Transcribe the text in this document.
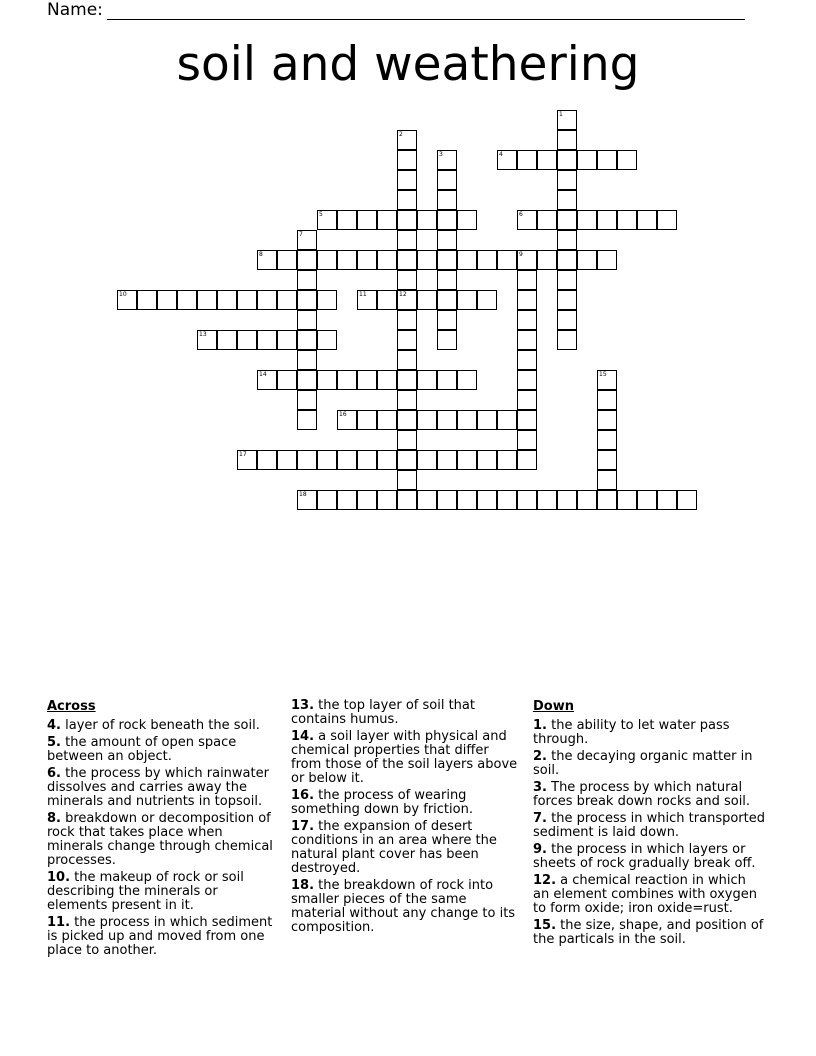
Name:
soil and weathering
1
2
12
3	4
5	6
7
8	9
10	11
13
14	15
16
17
18
Across
4. layer of rock beneath the soil.
5. the amount of open space between an object.
6. the process by which rainwater dissolves and carries away the minerals and nutrients in topsoil.
8. breakdown or decomposition of rock that takes place when minerals change through chemical processes.
10. the makeup of rock or soil describing the minerals or elements present in it.
11. the process in which sediment is picked up and moved from one place to another.
13. the top layer of soil that contains humus.
14. a soil layer with physical and chemical properties that differ from those of the soil layers above or below it.
16. the process of wearing something down by friction.
17. the expansion of desert conditions in an area where the natural plant cover has been destroyed.
18. the breakdown of rock into smaller pieces of the same material without any change to its composition.
Down
1. the ability to let water pass through.
2. the decaying organic matter in soil.
3. The process by which natural forces break down rocks and soil.
7. the process in which transported sediment is laid down.
9. the process in which layers or sheets of rock gradually break off.
12. a chemical reaction in which an element combines with oxygen to form oxide; iron oxide=rust.
15. the size, shape, and position of the particals in the soil.
